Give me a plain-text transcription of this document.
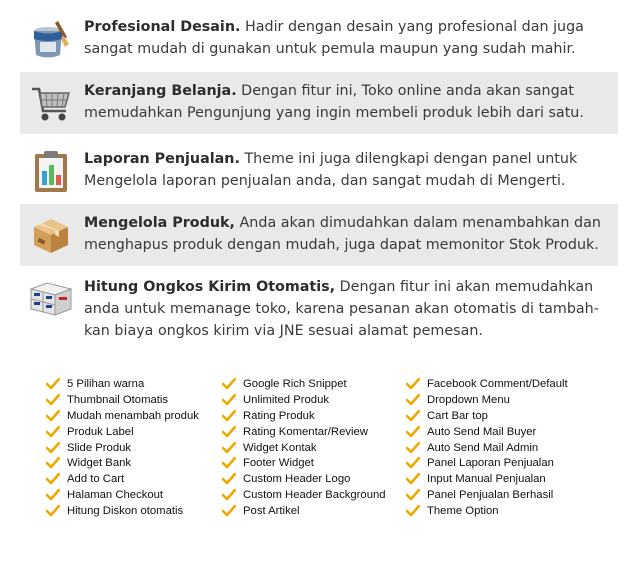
Profesional Desain. Hadir dengan desain yang profesional dan juga sangat mudah di gunakan untuk pemula maupun yang sudah mahir.
Keranjang Belanja. Dengan fitur ini, Toko online anda akan sangat memudahkan Pengunjung yang ingin membeli produk lebih dari satu.
Laporan Penjualan. Theme ini juga dilengkapi dengan panel untuk Mengelola laporan penjualan anda, dan sangat mudah di Mengerti.
Mengelola Produk, Anda akan dimudahkan dalam menambahkan dan menghapus produk dengan mudah, juga dapat memonitor Stok Produk.
Hitung Ongkos Kirim Otomatis, Dengan fitur ini akan memudahkan anda untuk memanage toko, karena pesanan akan otomatis di tambah-kan biaya ongkos kirim via JNE sesuai alamat pemesan.
5 Pilihan warna
Thumbnail Otomatis
Mudah menambah produk
Produk Label
Slide Produk
Widget Bank
Add to Cart
Halaman Checkout
Hitung Diskon otomatis
Google Rich Snippet
Unlimited Produk
Rating Produk
Rating Komentar/Review
Widget Kontak
Footer Widget
Custom Header Logo
Custom Header Background
Post Artikel
Facebook Comment/Default
Dropdown Menu
Cart Bar top
Auto Send Mail Buyer
Auto Send Mail Admin
Panel Laporan Penjualan
Input Manual Penjualan
Panel Penjualan Berhasil
Theme Option
